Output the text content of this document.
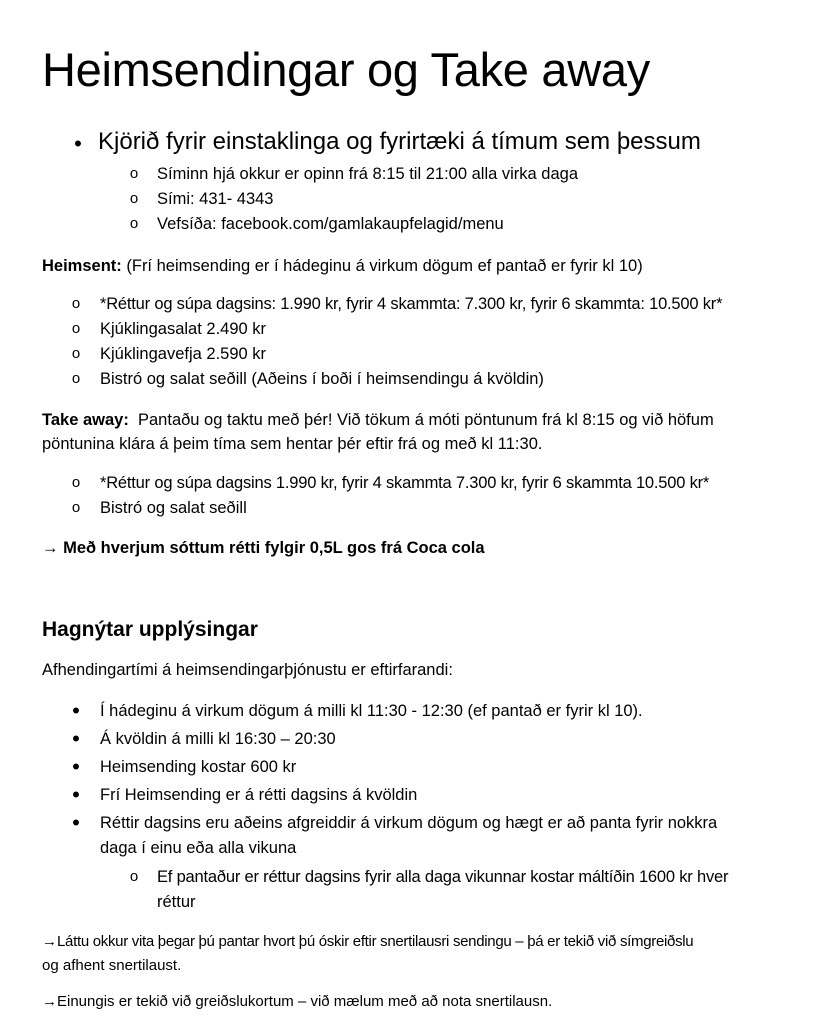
Heimsendingar og Take away
• Kjörið fyrir einstaklinga og fyrirtæki á tímum sem þessum
o Síminn hjá okkur er opinn frá 8:15 til 21:00 alla virka daga
o Sími: 431- 4343
o Vefsíða: facebook.com/gamlakaupfelagid/menu
Heimsent: (Frí heimsending er í hádeginu á virkum dögum ef pantað er fyrir kl 10)
o *Réttur og súpa dagsins: 1.990 kr, fyrir 4 skammta: 7.300 kr, fyrir 6 skammta: 10.500 kr*
o Kjúklingasalat 2.490 kr
o Kjúklingavefja 2.590 kr
o Bistró og salat seðill (Aðeins í boði í heimsendingu á kvöldin)
Take away:  Pantaðu og taktu með þér! Við tökum á móti pöntunum frá kl 8:15 og við höfum
pöntunina klára á þeim tíma sem hentar þér eftir frá og með kl 11:30.
o *Réttur og súpa dagsins 1.990 kr, fyrir 4 skammta 7.300 kr, fyrir 6 skammta 10.500 kr*
o Bistró og salat seðill
→ Með hverjum sóttum rétti fylgir 0,5L gos frá Coca cola
Hagnýtar upplýsingar
Afhendingartími á heimsendingarþjónustu er eftirfarandi:
• Í hádeginu á virkum dögum á milli kl 11:30 - 12:30 (ef pantað er fyrir kl 10).
• Á kvöldin á milli kl 16:30 – 20:30
• Heimsending kostar 600 kr
• Frí Heimsending er á rétti dagsins á kvöldin
• Réttir dagsins eru aðeins afgreiddir á virkum dögum og hægt er að panta fyrir nokkra
daga í einu eða alla vikuna
o Ef pantaður er réttur dagsins fyrir alla daga vikunnar kostar máltíðin 1600 kr hver
réttur
→Láttu okkur vita þegar þú pantar hvort þú óskir eftir snertilausri sendingu – þá er tekið við símgreiðslu
og afhent snertilaust.
→Einungis er tekið við greiðslukortum – við mælum með að nota snertilausn.
